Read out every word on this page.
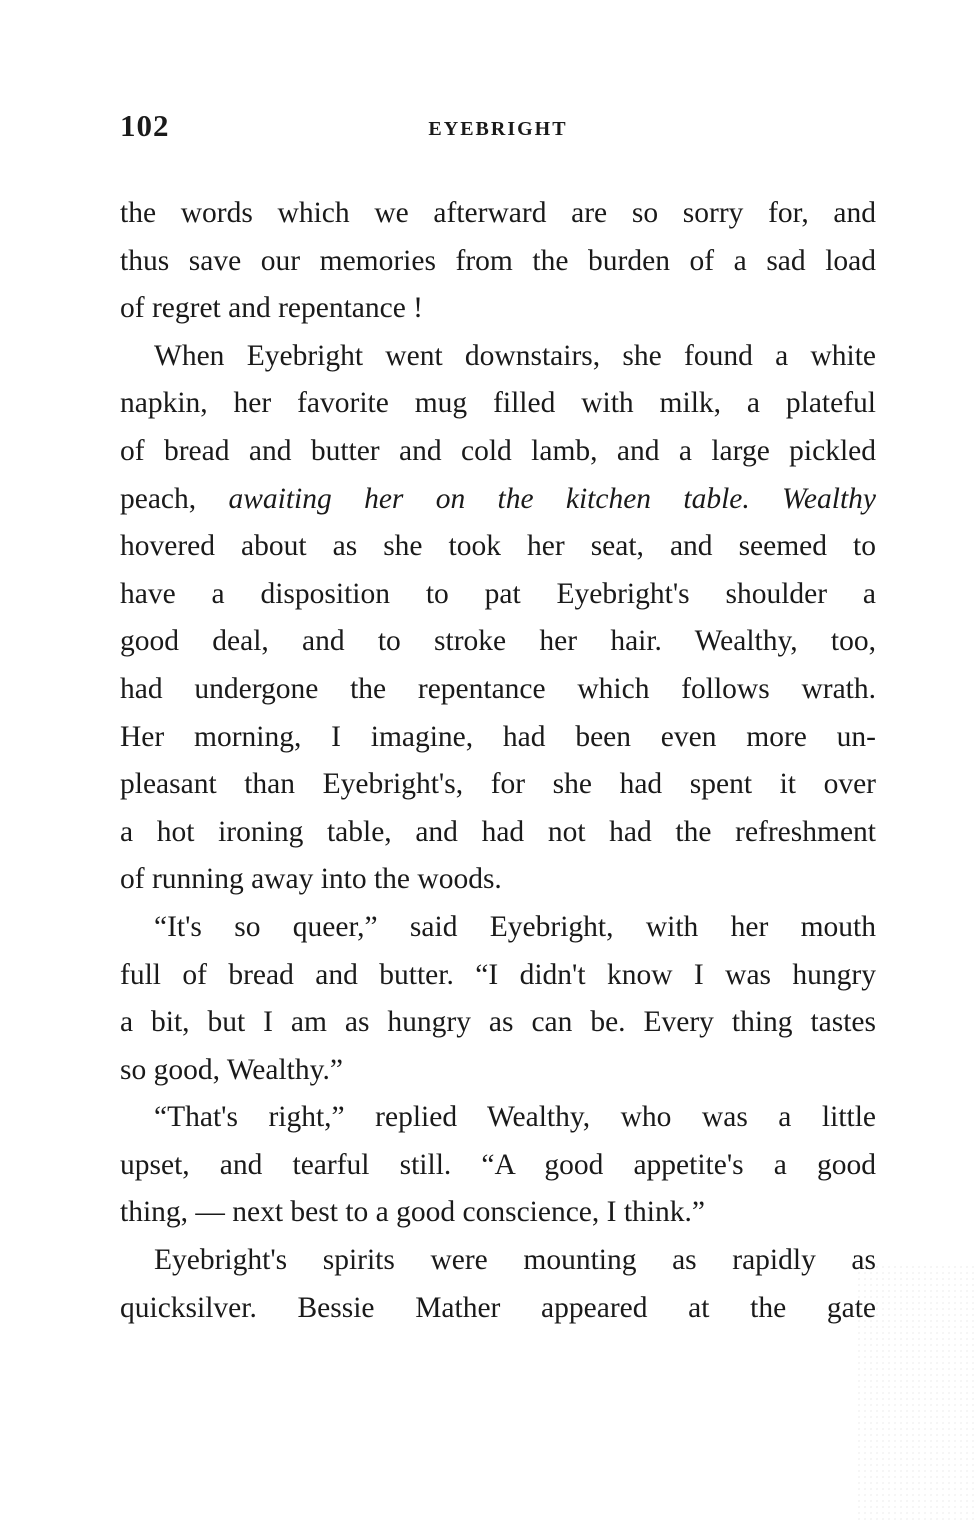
102	EYEBRIGHT

the words which we afterward are so sorry for, and
thus save our memories from the burden of a sad load
of regret and repentance !

When Eyebright went downstairs, she found a white
napkin, her favorite mug filled with milk, a plateful
of bread and butter and cold lamb, and a large pickled
peach, awaiting her on the kitchen table. Wealthy
hovered about as she took her seat, and seemed to
have a disposition to pat Eyebright's shoulder a
good deal, and to stroke her hair. Wealthy, too,
had undergone the repentance which follows wrath.
Her morning, I imagine, had been even more un-
pleasant than Eyebright's, for she had spent it over
a hot ironing table, and had not had the refreshment
of running away into the woods.

“It's so queer,” said Eyebright, with her mouth
full of bread and butter. “I didn't know I was hungry
a bit, but I am as hungry as can be. Every thing tastes
so good, Wealthy.”

“That's right,” replied Wealthy, who was a little
upset, and tearful still. “A good appetite's a good
thing, — next best to a good conscience, I think.”

Eyebright's spirits were mounting as rapidly as
quicksilver. Bessie Mather appeared at the gate
